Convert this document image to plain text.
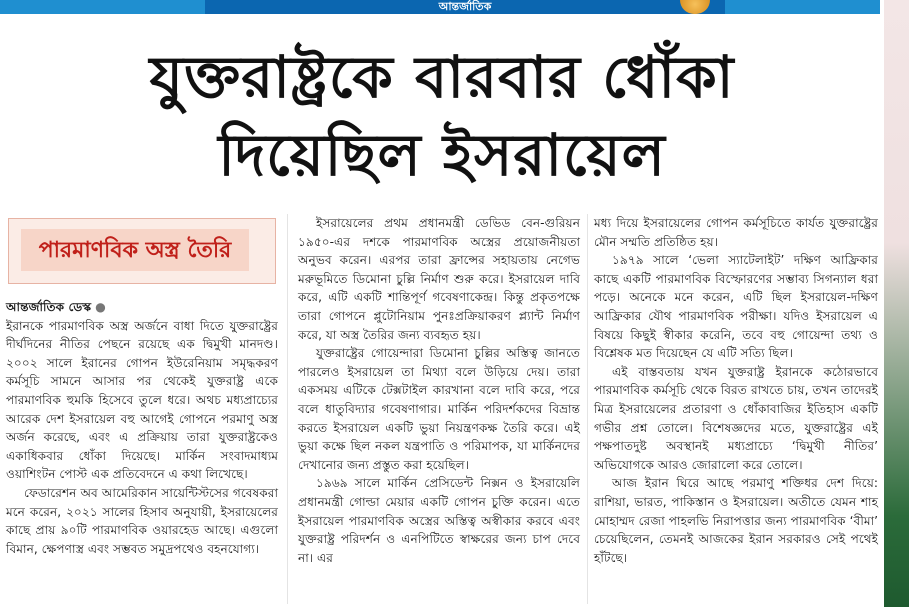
আন্তর্জাতিক
যুক্তরাষ্ট্রকে বারবার ধোঁকা
দিয়েছিল ইসরায়েল
পারমাণবিক অস্ত্র তৈরি

আন্তর্জাতিক ডেস্ক ●

ইরানকে পারমাণবিক অস্ত্র অর্জনে বাধা দিতে যুক্তরাষ্ট্রের দীর্ঘদিনের নীতির পেছনে রয়েছে এক দ্বিমুখী মানদণ্ড। ২০০২ সালে ইরানের গোপন ইউরেনিয়াম সমৃদ্ধকরণ কর্মসূচি সামনে আসার পর থেকেই যুক্তরাষ্ট্র একে পারমাণবিক হুমকি হিসেবে তুলে ধরে। অথচ মধ্যপ্রাচ্যের আরেক দেশ ইসরায়েল বহু আগেই গোপনে পরমাণু অস্ত্র অর্জন করেছে, এবং এ প্রক্রিয়ায় তারা যুক্তরাষ্ট্রকেও একাধিকবার ধোঁকা দিয়েছে। মার্কিন সংবাদমাধ্যম ওয়াশিংটন পোস্ট এক প্রতিবেদনে এ কথা লিখেছে।

ফেডারেশন অব আমেরিকান সায়েন্টিস্টসের গবেষকরা মনে করেন, ২০২১ সালের হিসাব অনুযায়ী, ইসরায়েলের কাছে প্রায় ৯০টি পারমাণবিক ওয়ারহেড আছে। এগুলো বিমান, ক্ষেপণাস্ত্র এবং সম্ভবত সমুদ্রপথেও বহনযোগ্য।

ইসরায়েলের প্রথম প্রধানমন্ত্রী ডেভিড বেন-গুরিয়ন ১৯৫০-এর দশকে পারমাণবিক অস্ত্রের প্রয়োজনীয়তা অনুভব করেন। এরপর তারা ফ্রান্সের সহায়তায় নেগেভ মরুভূমিতে ডিমোনা চুল্লি নির্মাণ শুরু করে। ইসরায়েল দাবি করে, এটি একটি শান্তিপূর্ণ গবেষণাকেন্দ্র। কিন্তু প্রকৃতপক্ষে তারা গোপনে প্লুটোনিয়াম পুনঃপ্রক্রিয়াকরণ প্ল্যান্ট নির্মাণ করে, যা অস্ত্র তৈরির জন্য ব্যবহৃত হয়।

যুক্তরাষ্ট্রের গোয়েন্দারা ডিমোনা চুল্লির অস্তিত্ব জানতে পারলেও ইসরায়েল তা মিথ্যা বলে উড়িয়ে দেয়। তারা একসময় এটিকে টেক্সটাইল কারখানা বলে দাবি করে, পরে বলে ধাতুবিদ্যার গবেষণাগার। মার্কিন পরিদর্শকদের বিভ্রান্ত করতে ইসরায়েল একটি ভুয়া নিয়ন্ত্রণকক্ষ তৈরি করে। এই ভুয়া কক্ষে ছিল নকল যন্ত্রপাতি ও পরিমাপক, যা মার্কিনদের দেখানোর জন্য প্রস্তুত করা হয়েছিল।

১৯৬৯ সালে মার্কিন প্রেসিডেন্ট নিক্সন ও ইসরায়েলি প্রধানমন্ত্রী গোল্ডা মেয়ার একটি গোপন চুক্তি করেন। এতে ইসরায়েল পারমাণবিক অস্ত্রের অস্তিত্ব অস্বীকার করবে এবং যুক্তরাষ্ট্র পরিদর্শন ও এনপিটিতে স্বাক্ষরের জন্য চাপ দেবে না। এর

মধ্য দিয়ে ইসরায়েলের গোপন কর্মসূচিতে কার্যত যুক্তরাষ্ট্রের মৌন সম্মতি প্রতিষ্ঠিত হয়।

১৯৭৯ সালে ‘ভেলা স্যাটেলাইট’ দক্ষিণ আফ্রিকার কাছে একটি পারমাণবিক বিস্ফোরণের সম্ভাব্য সিগন্যাল ধরা পড়ে। অনেকে মনে করেন, এটি ছিল ইসরায়েল-দক্ষিণ আফ্রিকার যৌথ পারমাণবিক পরীক্ষা। যদিও ইসরায়েল এ বিষয়ে কিছুই স্বীকার করেনি, তবে বহু গোয়েন্দা তথ্য ও বিশ্লেষক মত দিয়েছেন যে এটি সত্যি ছিল।

এই বাস্তবতায় যখন যুক্তরাষ্ট্র ইরানকে কঠোরভাবে পারমাণবিক কর্মসূচি থেকে বিরত রাখতে চায়, তখন তাদেরই মিত্র ইসরায়েলের প্রতারণা ও ধোঁকাবাজির ইতিহাস একটি গভীর প্রশ্ন তোলে। বিশেষজ্ঞদের মতে, যুক্তরাষ্ট্রের এই পক্ষপাতদুষ্ট অবস্থানই মধ্যপ্রাচ্যে ‘দ্বিমুখী নীতির’ অভিযোগকে আরও জোরালো করে তোলে।

আজ ইরান ঘিরে আছে পরমাণু শক্তিধর দেশ দিয়ে: রাশিয়া, ভারত, পাকিস্তান ও ইসরায়েল। অতীতে যেমন শাহ মোহাম্মদ রেজা পাহলভি নিরাপত্তার জন্য পারমাণবিক ‘বীমা’ চেয়েছিলেন, তেমনই আজকের ইরান সরকারও সেই পথেই হাঁটছে।
